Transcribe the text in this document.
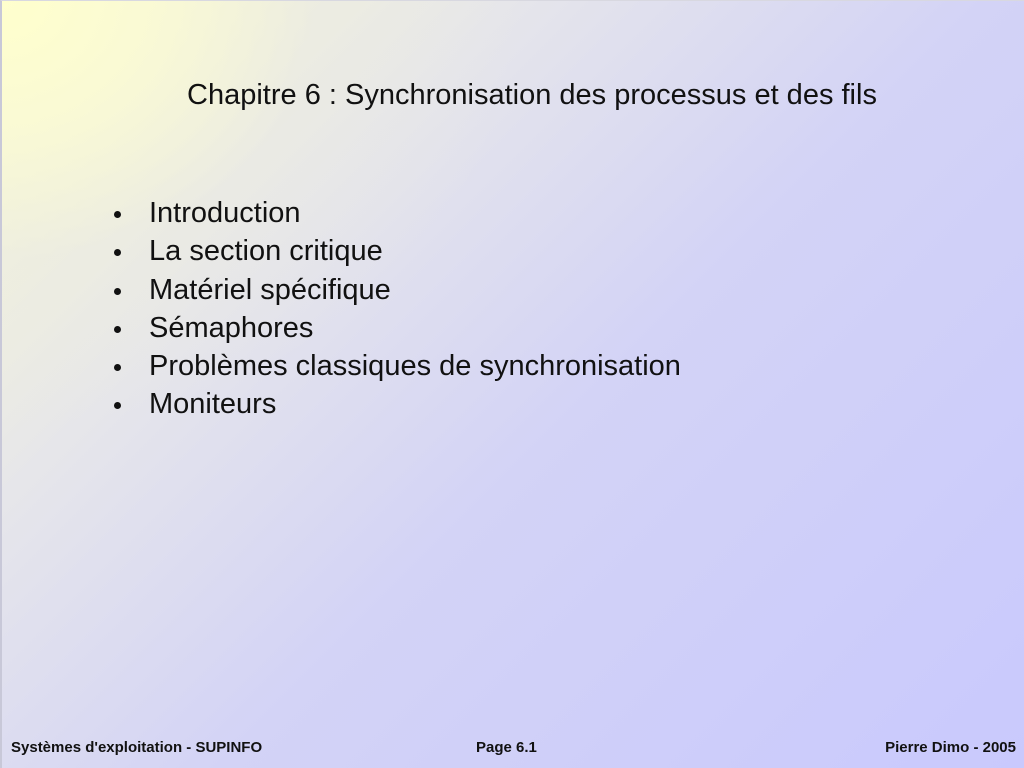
Chapitre 6 : Synchronisation des processus et des fils
Introduction
La section critique
Matériel spécifique
Sémaphores
Problèmes classiques de synchronisation
Moniteurs
Systèmes d'exploitation - SUPINFO	Page 6.1	Pierre Dimo - 2005
